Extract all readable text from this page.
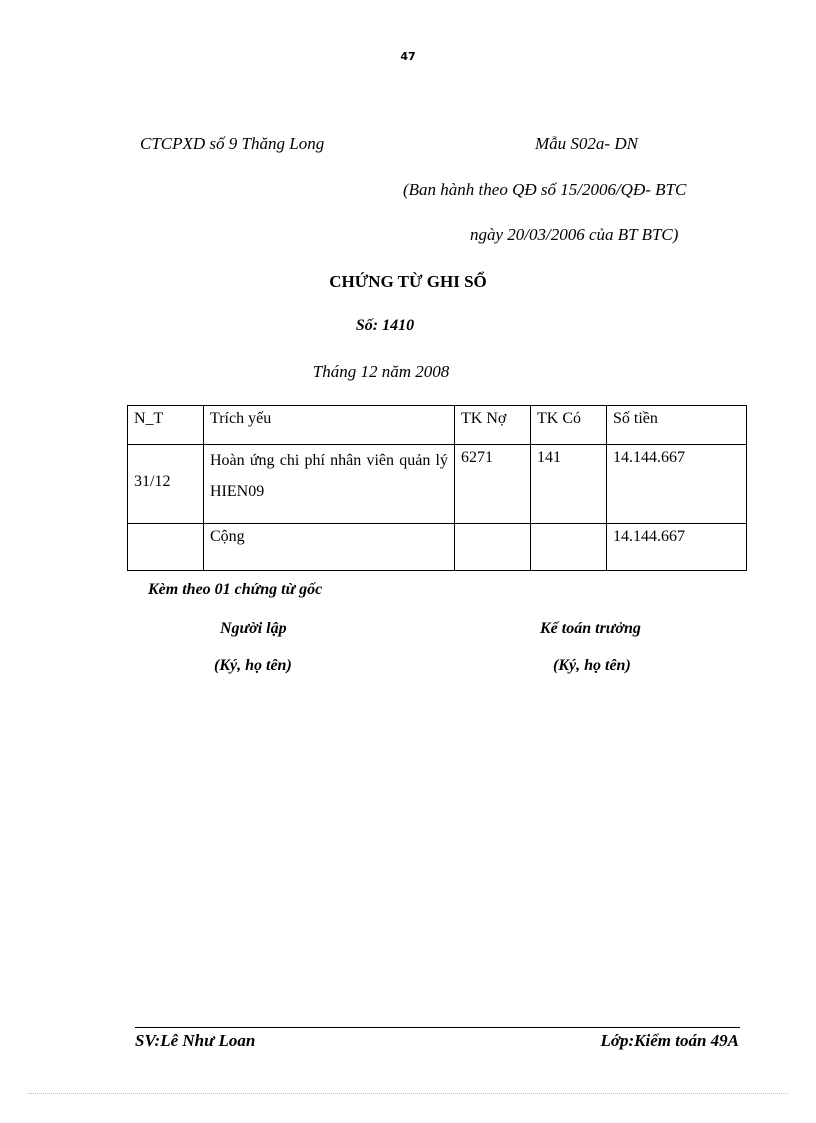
47
CTCPXD số 9 Thăng Long	Mẫu S02a- DN
(Ban hành theo QĐ số 15/2006/QĐ- BTC
ngày 20/03/2006 của BT BTC)
CHỨNG TỪ GHI SỔ
Số: 1410
Tháng 12 năm 2008
N_T	Trích yếu	TK Nợ	TK Có	Số tiền
31/12	Hoàn ứng chi phí nhân viên quản lý HIEN09	6271	141	14.144.667
	Cộng			14.144.667
Kèm theo 01 chứng từ gốc
Người lập	Kế toán trưởng
(Ký, họ tên)	(Ký, họ tên)
SV:Lê Như Loan	Lớp:Kiểm toán 49A
